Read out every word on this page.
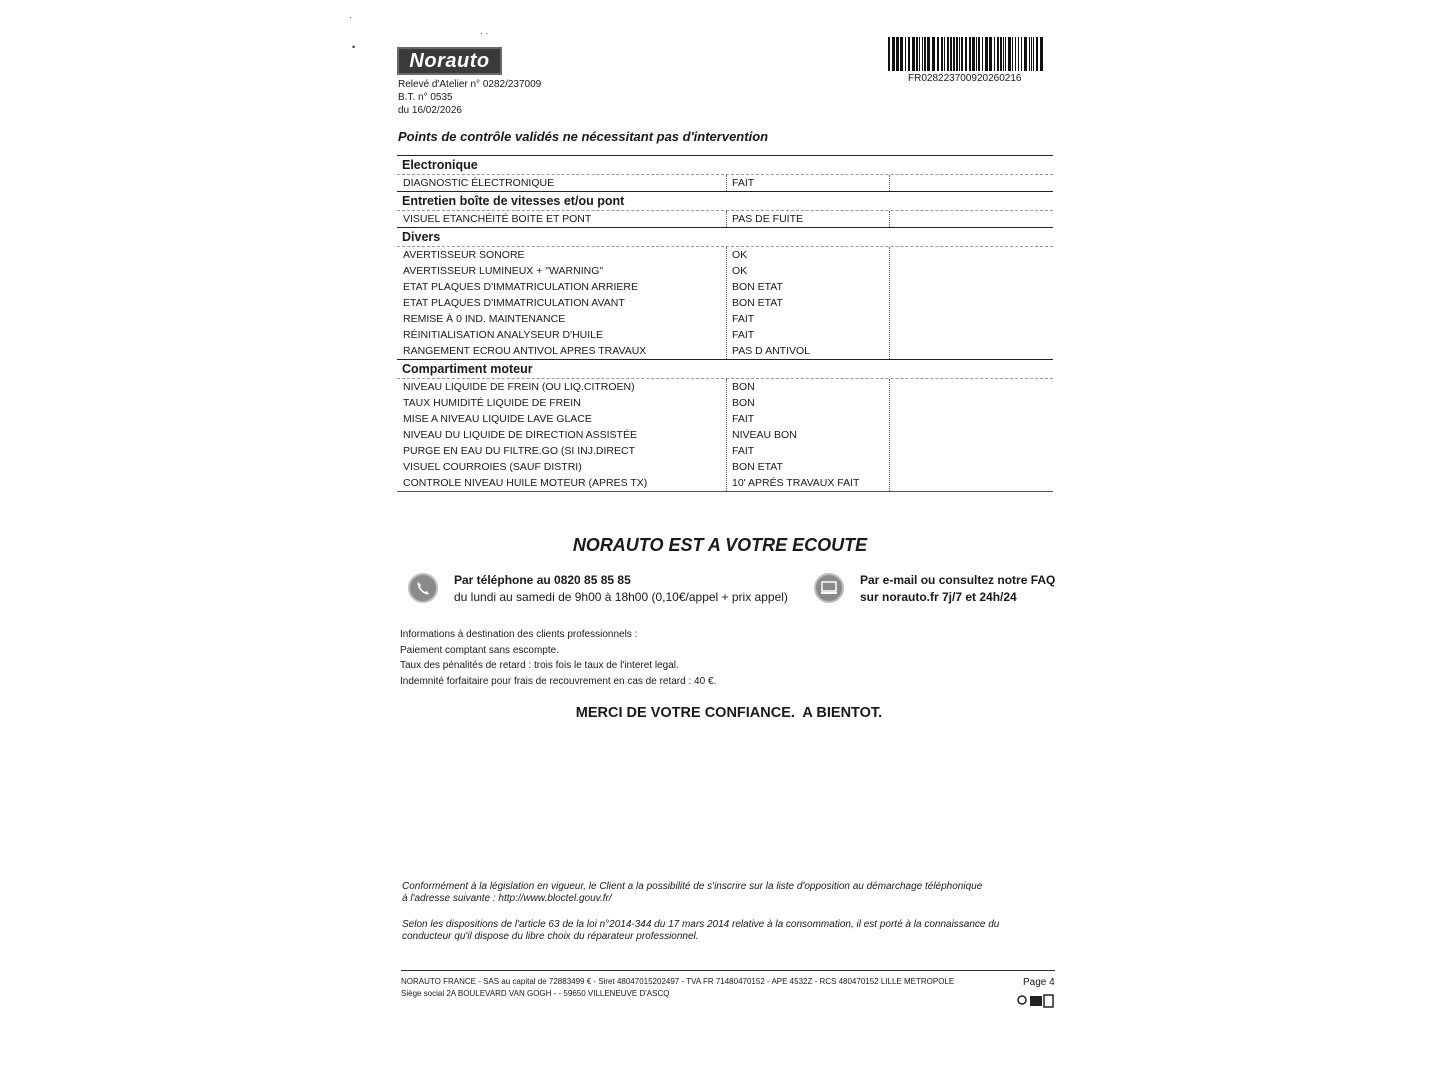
·
•
· ·
Norauto
Relevé d'Atelier n° 0282/237009
B.T. n° 0535
du 16/02/2026
FR028223700920260216
Points de contrôle validés ne nécessitant pas d'intervention
Electronique
DIAGNOSTIC ÉLECTRONIQUE	FAIT
Entretien boîte de vitesses et/ou pont
VISUEL ETANCHÉITÉ BOITE ET PONT	PAS DE FUITE
Divers
AVERTISSEUR SONORE	OK
AVERTISSEUR LUMINEUX + "WARNING"	OK
ETAT PLAQUES D'IMMATRICULATION ARRIERE	BON ETAT
ETAT PLAQUES D'IMMATRICULATION AVANT	BON ETAT
REMISE À 0 IND. MAINTENANCE	FAIT
RÉINITIALISATION ANALYSEUR D'HUILE	FAIT
RANGEMENT ECROU ANTIVOL APRES TRAVAUX	PAS D ANTIVOL
Compartiment moteur
NIVEAU LIQUIDE DE FREIN (OU LIQ.CITROEN)	BON
TAUX HUMIDITÉ LIQUIDE DE FREIN	BON
MISE A NIVEAU LIQUIDE LAVE GLACE	FAIT
NIVEAU DU LIQUIDE DE DIRECTION ASSISTÉE	NIVEAU BON
PURGE EN EAU DU FILTRE.GO (SI INJ.DIRECT	FAIT
VISUEL COURROIES (SAUF DISTRI)	BON ETAT
CONTROLE NIVEAU HUILE MOTEUR (APRES TX)	10' APRÉS TRAVAUX FAIT
NORAUTO EST A VOTRE ECOUTE
Par téléphone au 0820 85 85 85
du lundi au samedi de 9h00 à 18h00 (0,10€/appel + prix appel)
Par e-mail ou consultez notre FAQ
sur norauto.fr 7j/7 et 24h/24
Informations à destination des clients professionnels :
Paiement comptant sans escompte.
Taux des pénalités de retard : trois fois le taux de l'interet legal.
Indemnité forfaitaire pour frais de recouvrement en cas de retard : 40 €.
MERCI DE VOTRE CONFIANCE.  A BIENTOT.
Conformément à la législation en vigueur, le Client a la possibilité de s'inscrire sur la liste d'opposition au démarchage téléphonique
à l'adresse suivante : http://www.bloctel.gouv.fr/
Selon les dispositions de l'article 63 de la loi n°2014-344 du 17 mars 2014 relative à la consommation, il est porté à la connaissance du
conducteur qu'il dispose du libre choix du réparateur professionnel.
NORAUTO FRANCE - SAS au capital de 72883499 € - Siret 48047015202497 - TVA FR 71480470152 - APE 4532Z - RCS 480470152 LILLE METROPOLE
Siège social 2A BOULEVARD VAN GOGH - - 59650 VILLENEUVE D'ASCQ
Page 4
